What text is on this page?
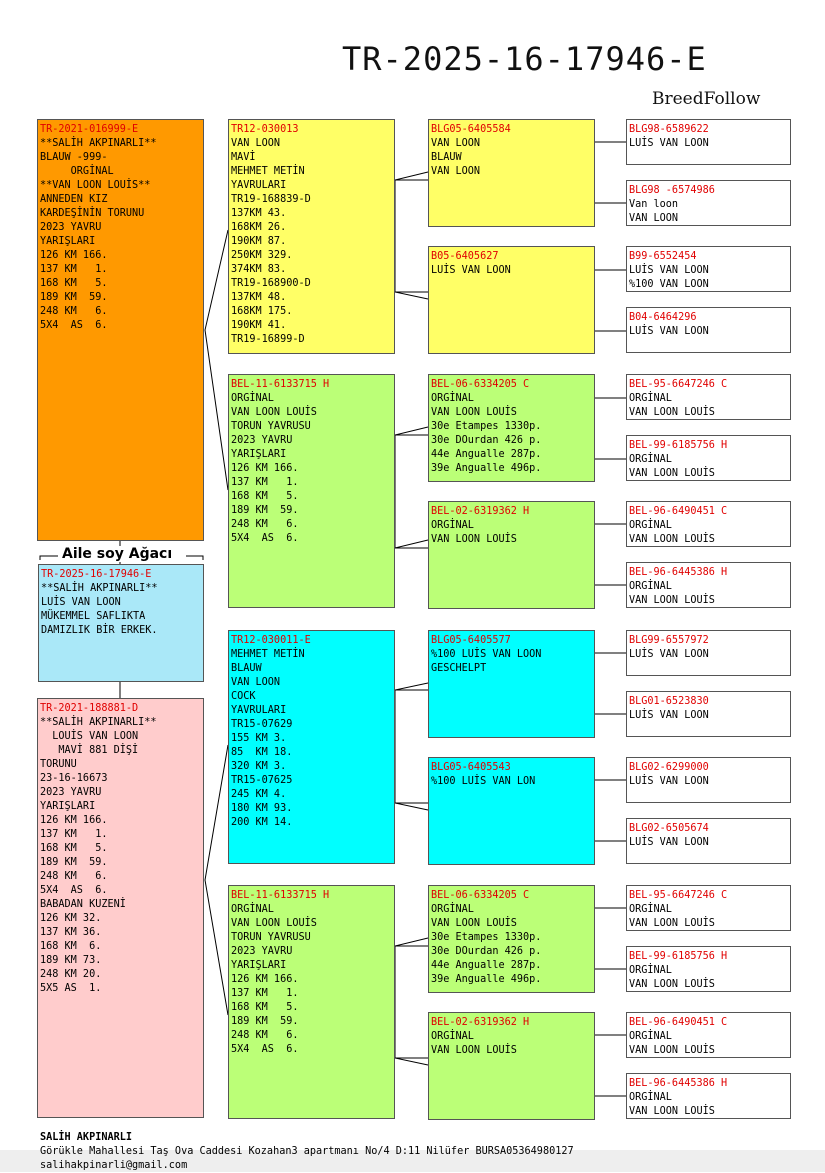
TR-2025-16-17946-E
BreedFollow
TR-2021-016999-E
**SALİH AKPINARLI**
BLAUW -999-
ORGİNAL
**VAN LOON LOUİS**
ANNEDEN KIZ
KARDEŞİNİN TORUNU
2023 YAVRU
YARIŞLARI
126 KM 166.
137 KM   1.
168 KM   5.
189 KM  59.
248 KM   6.
5X4  AS  6.
Aile soy Ağacı
TR-2025-16-17946-E
**SALİH AKPINARLI**
LUİS VAN LOON
MÜKEMMEL SAFLIKTA
DAMIZLIK BİR ERKEK.
TR-2021-188881-D
**SALİH AKPINARLI**
LOUİS VAN LOON
MAVİ 881 DİŞİ
TORUNU
23-16-16673
2023 YAVRU
YARIŞLARI
126 KM 166.
137 KM   1.
168 KM   5.
189 KM  59.
248 KM   6.
5X4  AS  6.
BABADAN KUZENİ
126 KM 32.
137 KM 36.
168 KM  6.
189 KM 73.
248 KM 20.
5X5 AS  1.
TR12-030013
VAN LOON
MAVİ
MEHMET METİN
YAVRULARI
TR19-168839-D
137KM 43.
168KM 26.
190KM 87.
250KM 329.
374KM 83.
TR19-168900-D
137KM 48.
168KM 175.
190KM 41.
TR19-16899-D
BEL-11-6133715 H
ORGİNAL
VAN LOON LOUİS
TORUN YAVRUSU
2023 YAVRU
YARIŞLARI
126 KM 166.
137 KM   1.
168 KM   5.
189 KM  59.
248 KM   6.
5X4  AS  6.
TR12-030011-E
MEHMET METİN
BLAUW
VAN LOON
COCK
YAVRULARI
TR15-07629
155 KM 3.
85  KM 18.
320 KM 3.
TR15-07625
245 KM 4.
180 KM 93.
200 KM 14.
BEL-11-6133715 H
ORGİNAL
VAN LOON LOUİS
TORUN YAVRUSU
2023 YAVRU
YARIŞLARI
126 KM 166.
137 KM   1.
168 KM   5.
189 KM  59.
248 KM   6.
5X4  AS  6.
BLG05-6405584
VAN LOON
BLAUW
VAN LOON
B05-6405627
LUİS VAN LOON
BEL-06-6334205 C
ORGİNAL
VAN LOON LOUİS
30e Etampes 1330p.
30e DOurdan 426 p.
44e Angualle 287p.
39e Angualle 496p.
BEL-02-6319362 H
ORGİNAL
VAN LOON LOUİS
BLG05-6405577
%100 LUİS VAN LOON
GESCHELPT
BLG05-6405543
%100 LUİS VAN LON
BEL-06-6334205 C
ORGİNAL
VAN LOON LOUİS
30e Etampes 1330p.
30e DOurdan 426 p.
44e Angualle 287p.
39e Angualle 496p.
BEL-02-6319362 H
ORGİNAL
VAN LOON LOUİS
BLG98-6589622
LUİS VAN LOON
BLG98 -6574986
Van loon
VAN LOON
B99-6552454
LUİS VAN LOON
%100 VAN LOON
B04-6464296
LUİS VAN LOON
BEL-95-6647246 C
ORGİNAL
VAN LOON LOUİS
BEL-99-6185756 H
ORGİNAL
VAN LOON LOUİS
BEL-96-6490451 C
ORGİNAL
VAN LOON LOUİS
BEL-96-6445386 H
ORGİNAL
VAN LOON LOUİS
BLG99-6557972
LUİS VAN LOON
BLG01-6523830
LUİS VAN LOON
BLG02-6299000
LUİS VAN LOON
BLG02-6505674
LUİS VAN LOON
BEL-95-6647246 C
ORGİNAL
VAN LOON LOUİS
BEL-99-6185756 H
ORGİNAL
VAN LOON LOUİS
BEL-96-6490451 C
ORGİNAL
VAN LOON LOUİS
BEL-96-6445386 H
ORGİNAL
VAN LOON LOUİS
SALİH AKPINARLI
Görükle Mahallesi Taş Ova Caddesi Kozahan3 apartmanı No/4 D:11 Nilüfer BURSA05364980127
salihakpinarli@gmail.com
